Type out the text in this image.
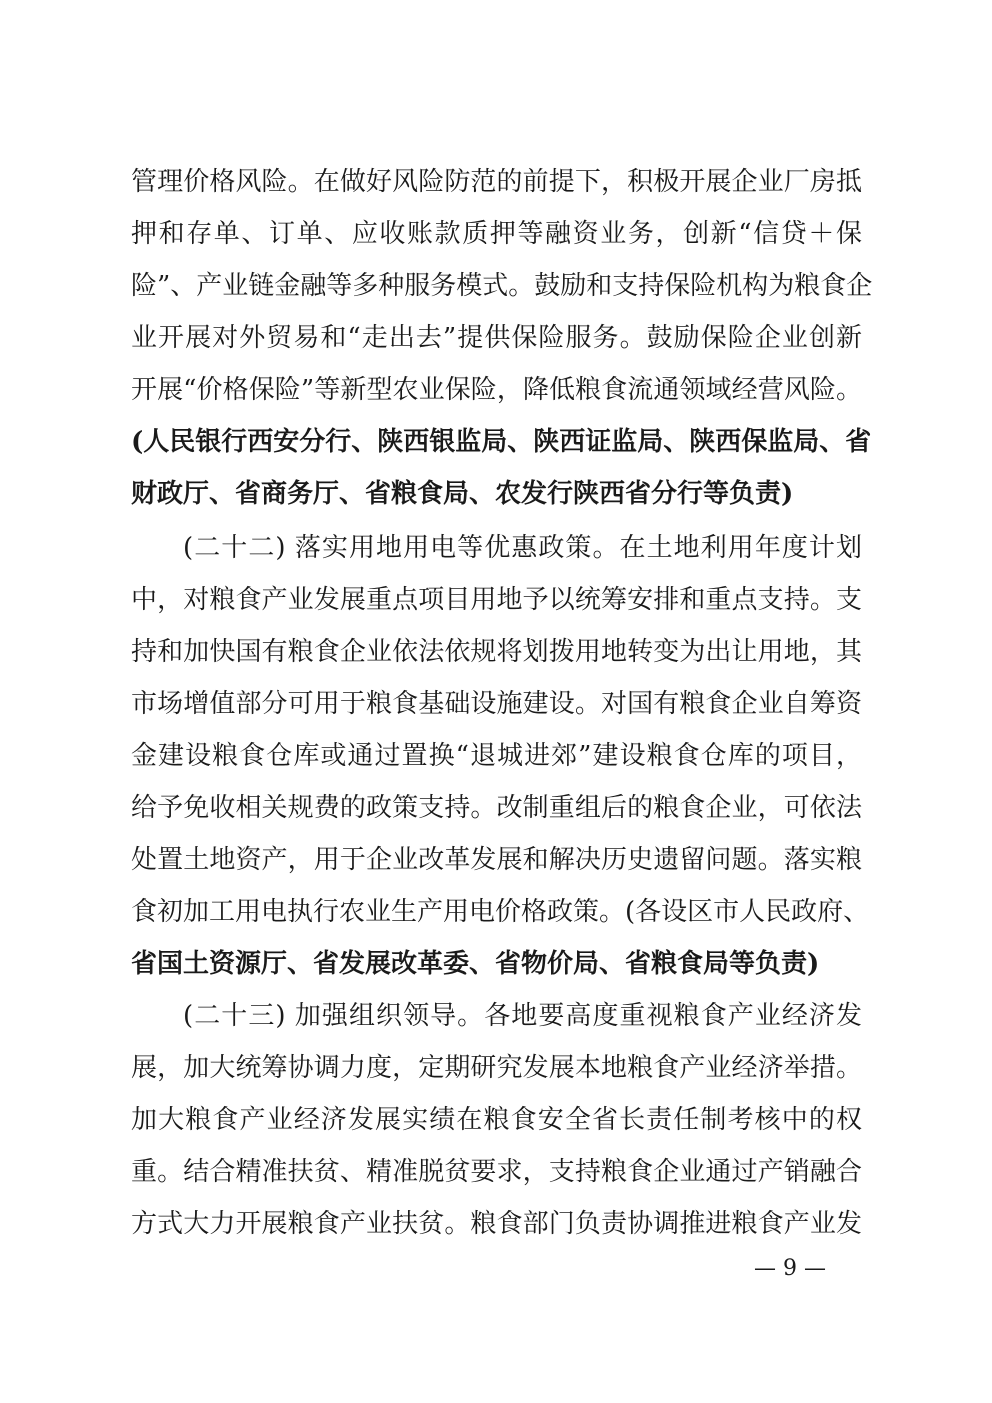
管理价格风险。在做好风险防范的前提下，积极开展企业厂房抵
押和存单、订单、应收账款质押等融资业务，创新“信贷＋保
险”、产业链金融等多种服务模式。鼓励和支持保险机构为粮食企
业开展对外贸易和“走出去”提供保险服务。鼓励保险企业创新
开展“价格保险”等新型农业保险，降低粮食流通领域经营风险。
(人民银行西安分行、陕西银监局、陕西证监局、陕西保监局、省
财政厅、省商务厅、省粮食局、农发行陕西省分行等负责)
(二十二) 落实用地用电等优惠政策。在土地利用年度计划
中，对粮食产业发展重点项目用地予以统筹安排和重点支持。支
持和加快国有粮食企业依法依规将划拨用地转变为出让用地，其
市场增值部分可用于粮食基础设施建设。对国有粮食企业自筹资
金建设粮食仓库或通过置换“退城进郊”建设粮食仓库的项目，
给予免收相关规费的政策支持。改制重组后的粮食企业，可依法
处置土地资产，用于企业改革发展和解决历史遗留问题。落实粮
食初加工用电执行农业生产用电价格政策。(各设区市人民政府、
省国土资源厅、省发展改革委、省物价局、省粮食局等负责)
(二十三) 加强组织领导。各地要高度重视粮食产业经济发
展，加大统筹协调力度，定期研究发展本地粮食产业经济举措。
加大粮食产业经济发展实绩在粮食安全省长责任制考核中的权
重。结合精准扶贫、精准脱贫要求，支持粮食企业通过产销融合
方式大力开展粮食产业扶贫。粮食部门负责协调推进粮食产业发
— 9 —
